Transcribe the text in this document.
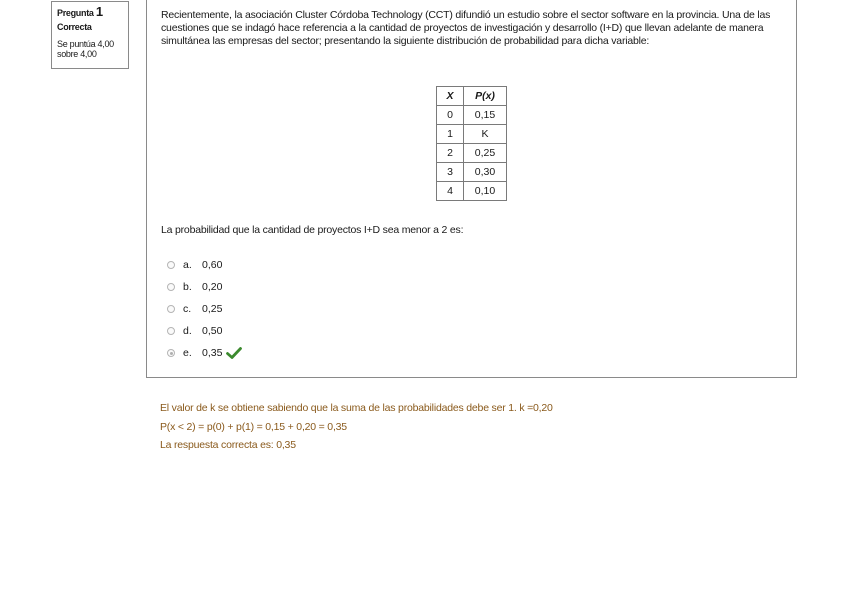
Pregunta 1
Correcta
Se puntúa 4,00
sobre 4,00
Recientemente, la asociación Cluster Córdoba Technology (CCT) difundió un estudio sobre el sector software en la provincia. Una de las cuestiones que se indagó hace referencia a la cantidad de proyectos de investigación y desarrollo (I+D) que llevan adelante de manera simultánea las empresas del sector; presentando la siguiente distribución de probabilidad para dicha variable:
X	P(x)
0	0,15
1	K
2	0,25
3	0,30
4	0,10
La probabilidad que la cantidad de proyectos I+D sea menor a 2 es:
a. 0,60
b. 0,20
c.	0,25
d. 0,50
e. 0,35
El valor de k se obtiene sabiendo que la suma de las probabilidades debe ser 1. k =0,20
P(x < 2) = p(0) + p(1) = 0,15 + 0,20 = 0,35
La respuesta correcta es: 0,35
